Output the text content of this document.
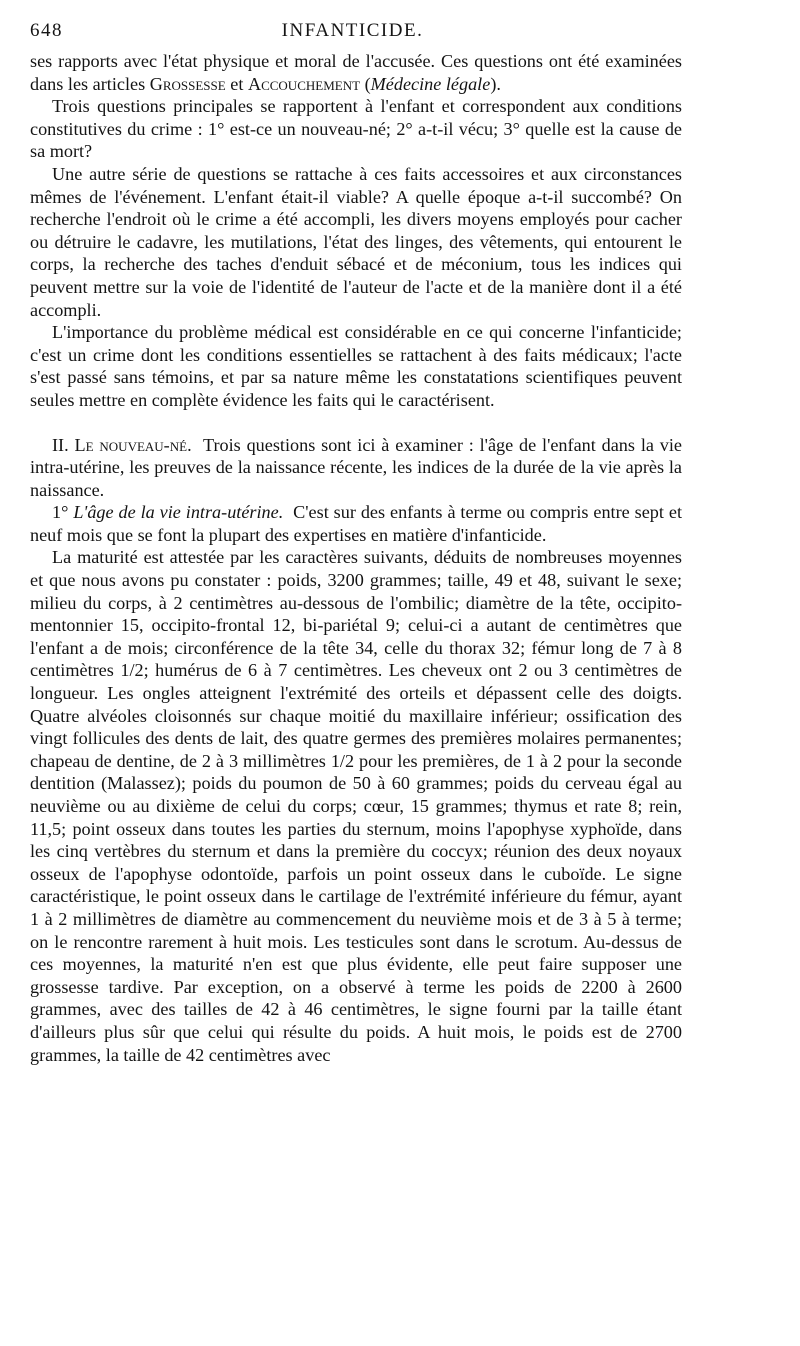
648	INFANTICIDE.

ses rapports avec l'état physique et moral de l'accusée. Ces questions ont été examinées dans les articles Grossesse et Accouchement (Médecine légale).

Trois questions principales se rapportent à l'enfant et correspondent aux conditions constitutives du crime : 1° est-ce un nouveau-né; 2° a-t-il vécu; 3° quelle est la cause de sa mort?

Une autre série de questions se rattache à ces faits accessoires et aux circonstances mêmes de l'événement. L'enfant était-il viable? A quelle époque a-t-il succombé? On recherche l'endroit où le crime a été accompli, les divers moyens employés pour cacher ou détruire le cadavre, les mutilations, l'état des linges, des vêtements, qui entourent le corps, la recherche des taches d'enduit sébacé et de méconium, tous les indices qui peuvent mettre sur la voie de l'identité de l'auteur de l'acte et de la manière dont il a été accompli.

L'importance du problème médical est considérable en ce qui concerne l'infanticide; c'est un crime dont les conditions essentielles se rattachent à des faits médicaux; l'acte s'est passé sans témoins, et par sa nature même les constatations scientifiques peuvent seules mettre en complète évidence les faits qui le caractérisent.

II. Le nouveau-né. Trois questions sont ici à examiner : l'âge de l'enfant dans la vie intra-utérine, les preuves de la naissance récente, les indices de la durée de la vie après la naissance.

1° L'âge de la vie intra-utérine. C'est sur des enfants à terme ou compris entre sept et neuf mois que se font la plupart des expertises en matière d'infanticide.

La maturité est attestée par les caractères suivants, déduits de nombreuses moyennes et que nous avons pu constater : poids, 3200 grammes; taille, 49 et 48, suivant le sexe; milieu du corps, à 2 centimètres au-dessous de l'ombilic; diamètre de la tête, occipito-mentonnier 15, occipito-frontal 12, bi-pariétal 9; celui-ci a autant de centimètres que l'enfant a de mois; circonférence de la tête 34, celle du thorax 32; fémur long de 7 à 8 centimètres 1/2; humérus de 6 à 7 centimètres. Les cheveux ont 2 ou 3 centimètres de longueur. Les ongles atteignent l'extrémité des orteils et dépassent celle des doigts. Quatre alvéoles cloisonnés sur chaque moitié du maxillaire inférieur; ossification des vingt follicules des dents de lait, des quatre germes des premières molaires permanentes; chapeau de dentine, de 2 à 3 millimètres 1/2 pour les premières, de 1 à 2 pour la seconde dentition (Malassez); poids du poumon de 50 à 60 grammes; poids du cerveau égal au neuvième ou au dixième de celui du corps; cœur, 15 grammes; thymus et rate 8; rein, 11,5; point osseux dans toutes les parties du sternum, moins l'apophyse xyphoïde, dans les cinq vertèbres du sternum et dans la première du coccyx; réunion des deux noyaux osseux de l'apophyse odontoïde, parfois un point osseux dans le cuboïde. Le signe caractéristique, le point osseux dans le cartilage de l'extrémité inférieure du fémur, ayant 1 à 2 millimètres de diamètre au commencement du neuvième mois et de 3 à 5 à terme; on le rencontre rarement à huit mois. Les testicules sont dans le scrotum. Au-dessus de ces moyennes, la maturité n'en est que plus évidente, elle peut faire supposer une grossesse tardive. Par exception, on a observé à terme les poids de 2200 à 2600 grammes, avec des tailles de 42 à 46 centimètres, le signe fourni par la taille étant d'ailleurs plus sûr que celui qui résulte du poids. A huit mois, le poids est de 2700 grammes, la taille de 42 centimètres avec
